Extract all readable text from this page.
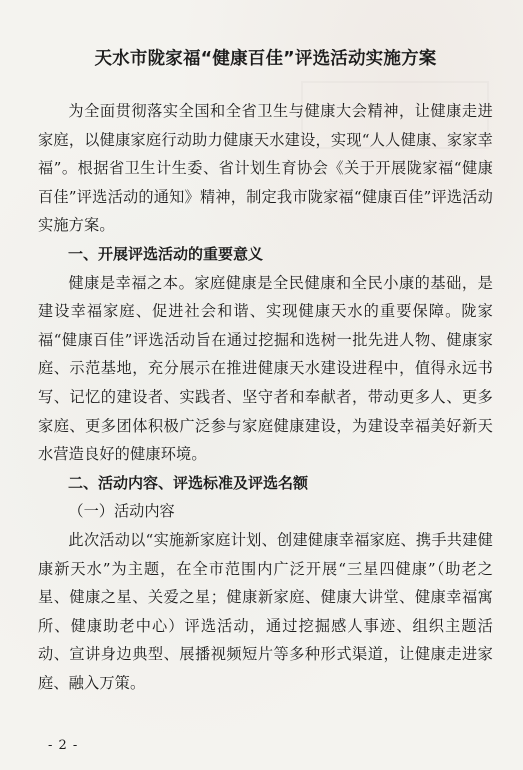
天水市陇家福“健康百佳”评选活动实施方案

为全面贯彻落实全国和全省卫生与健康大会精神，让健康走进家庭，以健康家庭行动助力健康天水建设，实现“人人健康、家家幸福”。根据省卫生计生委、省计划生育协会《关于开展陇家福“健康百佳”评选活动的通知》精神，制定我市陇家福“健康百佳”评选活动实施方案。

一、开展评选活动的重要意义

健康是幸福之本。家庭健康是全民健康和全民小康的基础，是建设幸福家庭、促进社会和谐、实现健康天水的重要保障。陇家福“健康百佳”评选活动旨在通过挖掘和选树一批先进人物、健康家庭、示范基地，充分展示在推进健康天水建设进程中，值得永远书写、记忆的建设者、实践者、坚守者和奉献者，带动更多人、更多家庭、更多团体积极广泛参与家庭健康建设，为建设幸福美好新天水营造良好的健康环境。

二、活动内容、评选标准及评选名额

（一）活动内容

此次活动以“实施新家庭计划、创建健康幸福家庭、携手共建健康新天水”为主题，在全市范围内广泛开展“三星四健康”（助老之星、健康之星、关爱之星；健康新家庭、健康大讲堂、健康幸福寓所、健康助老中心）评选活动，通过挖掘感人事迹、组织主题活动、宣讲身边典型、展播视频短片等多种形式渠道，让健康走进家庭、融入万策。

- 2 -
